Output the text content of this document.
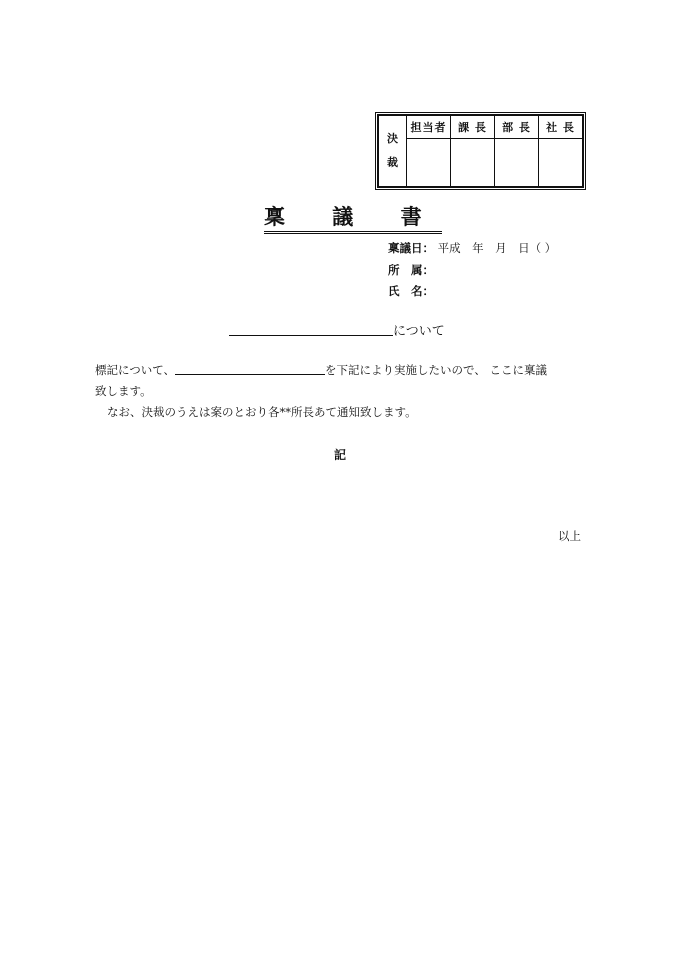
決
裁	担当者	課 長	部 長	社 長

稟 議 書
稟議日： 平成　年　月　日（ ）
所　属：
氏　名：
について
標記について、	を下記により実施したいので、 ここに稟議
致します。
なお、決裁のうえは案のとおり各**所長あて通知致します。
記
以上
